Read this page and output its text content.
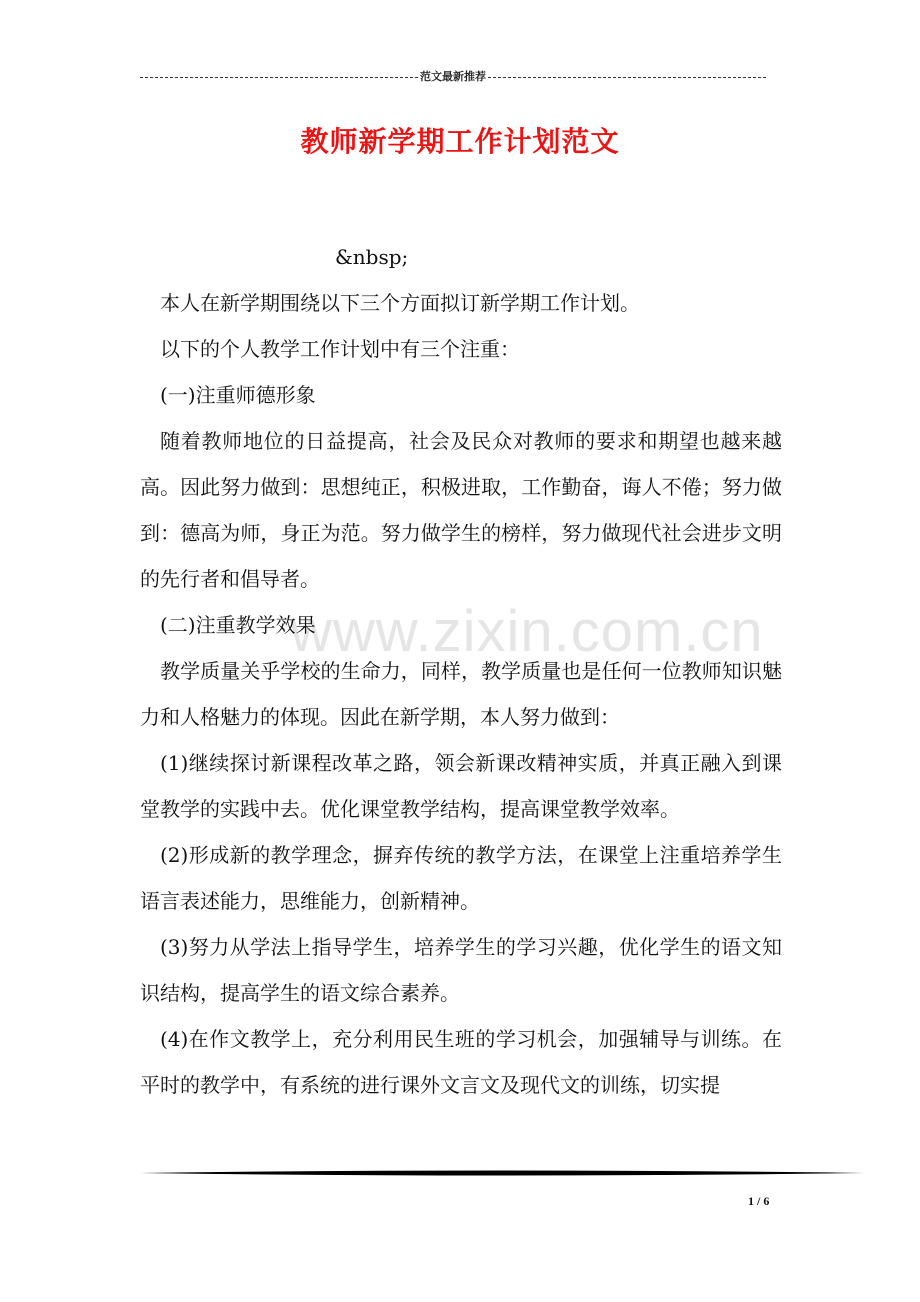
范文最新推荐
教师新学期工作计划范文
www.zixin.com.cn

&nbsp;

本人在新学期围绕以下三个方面拟订新学期工作计划。

以下的个人教学工作计划中有三个注重：

(一)注重师德形象

随着教师地位的日益提高，社会及民众对教师的要求和期望也越来越高。因此努力做到：思想纯正，积极进取，工作勤奋，诲人不倦；努力做到：德高为师，身正为范。努力做学生的榜样，努力做现代社会进步文明的先行者和倡导者。

(二)注重教学效果

教学质量关乎学校的生命力，同样，教学质量也是任何一位教师知识魅力和人格魅力的体现。因此在新学期，本人努力做到：

(1)继续探讨新课程改革之路，领会新课改精神实质，并真正融入到课堂教学的实践中去。优化课堂教学结构，提高课堂教学效率。

(2)形成新的教学理念，摒弃传统的教学方法，在课堂上注重培养学生语言表述能力，思维能力，创新精神。

(3)努力从学法上指导学生，培养学生的学习兴趣，优化学生的语文知识结构，提高学生的语文综合素养。

(4)在作文教学上，充分利用民生班的学习机会，加强辅导与训练。在平时的教学中，有系统的进行课外文言文及现代文的训练，切实提

1 / 6
